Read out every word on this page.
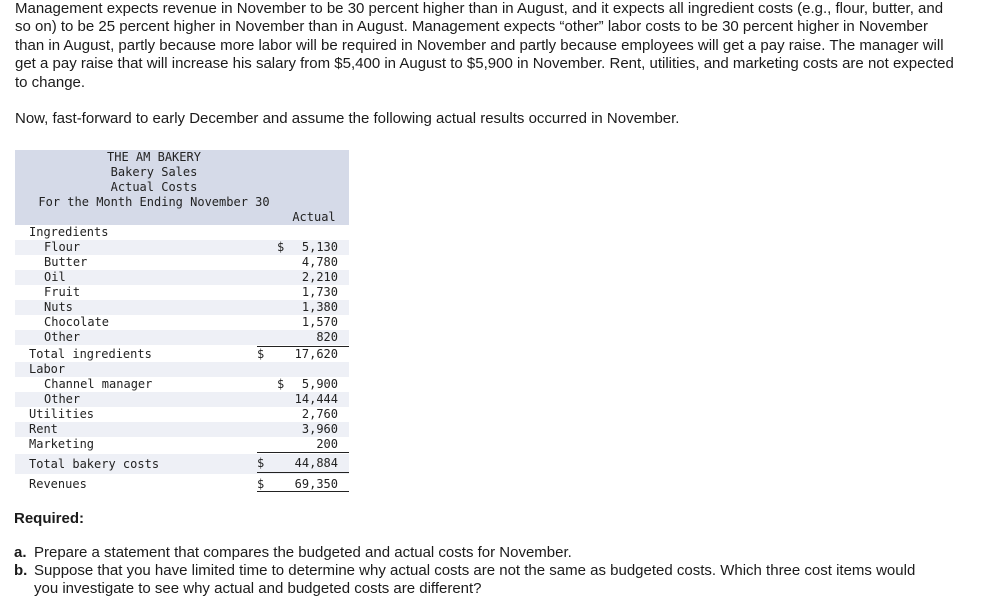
Management expects revenue in November to be 30 percent higher than in August, and it expects all ingredient costs (e.g., flour, butter, and so on) to be 25 percent higher in November than in August. Management expects “other” labor costs to be 30 percent higher in November than in August, partly because more labor will be required in November and partly because employees will get a pay raise. The manager will get a pay raise that will increase his salary from $5,400 in August to $5,900 in November. Rent, utilities, and marketing costs are not expected to change.

Now, fast-forward to early December and assume the following actual results occurred in November.

THE AM BAKERY
Bakery Sales
Actual Costs
For the Month Ending November 30
Actual
Ingredients
Flour	$ 5,130
Butter	4,780
Oil	2,210
Fruit	1,730
Nuts	1,380
Chocolate	1,570
Other	820
Total ingredients	$	17,620
Labor
Channel manager	$ 5,900
Other	14,444
Utilities	2,760
Rent	3,960
Marketing	200
Total bakery costs	$	44,884
Revenues	$	69,350
Required:
a. Prepare a statement that compares the budgeted and actual costs for November.
b. Suppose that you have limited time to determine why actual costs are not the same as budgeted costs. Which three cost items would you investigate to see why actual and budgeted costs are different?
